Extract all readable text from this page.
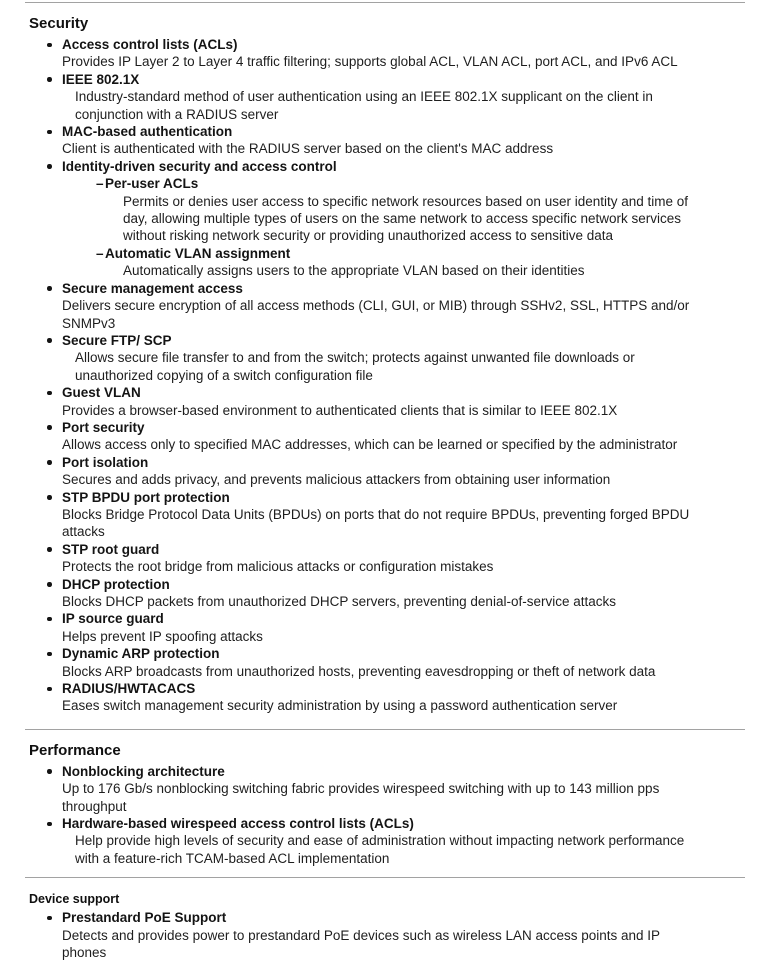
Security
Access control lists (ACLs)
Provides IP Layer 2 to Layer 4 traffic filtering; supports global ACL, VLAN ACL, port ACL, and IPv6 ACL
IEEE 802.1X
Industry-standard method of user authentication using an IEEE 802.1X supplicant on the client in
conjunction with a RADIUS server
MAC-based authentication
Client is authenticated with the RADIUS server based on the client's MAC address
Identity-driven security and access control
– Per-user ACLs
Permits or denies user access to specific network resources based on user identity and time of
day, allowing multiple types of users on the same network to access specific network services
without risking network security or providing unauthorized access to sensitive data
– Automatic VLAN assignment
Automatically assigns users to the appropriate VLAN based on their identities
Secure management access
Delivers secure encryption of all access methods (CLI, GUI, or MIB) through SSHv2, SSL, HTTPS and/or
SNMPv3
Secure FTP/ SCP
Allows secure file transfer to and from the switch; protects against unwanted file downloads or
unauthorized copying of a switch configuration file
Guest VLAN
Provides a browser-based environment to authenticated clients that is similar to IEEE 802.1X
Port security
Allows access only to specified MAC addresses, which can be learned or specified by the administrator
Port isolation
Secures and adds privacy, and prevents malicious attackers from obtaining user information
STP BPDU port protection
Blocks Bridge Protocol Data Units (BPDUs) on ports that do not require BPDUs, preventing forged BPDU
attacks
STP root guard
Protects the root bridge from malicious attacks or configuration mistakes
DHCP protection
Blocks DHCP packets from unauthorized DHCP servers, preventing denial-of-service attacks
IP source guard
Helps prevent IP spoofing attacks
Dynamic ARP protection
Blocks ARP broadcasts from unauthorized hosts, preventing eavesdropping or theft of network data
RADIUS/HWTACACS
Eases switch management security administration by using a password authentication server
Performance
Nonblocking architecture
Up to 176 Gb/s nonblocking switching fabric provides wirespeed switching with up to 143 million pps
throughput
Hardware-based wirespeed access control lists (ACLs)
Help provide high levels of security and ease of administration without impacting network performance
with a feature-rich TCAM-based ACL implementation
Device support
Prestandard PoE Support
Detects and provides power to prestandard PoE devices such as wireless LAN access points and IP
phones
